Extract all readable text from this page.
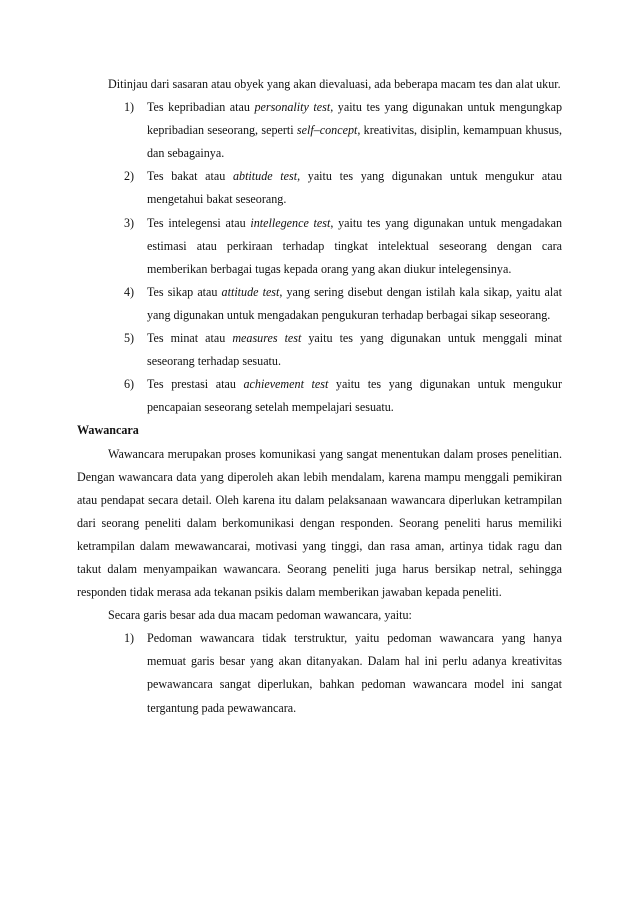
Ditinjau dari sasaran atau obyek yang akan dievaluasi, ada beberapa macam tes dan alat ukur.

1) Tes kepribadian atau personality test, yaitu tes yang digunakan untuk mengungkap kepribadian seseorang, seperti self–concept, kreativitas, disiplin, kemampuan khusus, dan sebagainya.
2) Tes bakat atau abtitude test, yaitu tes yang digunakan untuk mengukur atau mengetahui bakat seseorang.
3) Tes intelegensi atau intellegence test, yaitu tes yang digunakan untuk mengadakan estimasi atau perkiraan terhadap tingkat intelektual seseorang dengan cara memberikan berbagai tugas kepada orang yang akan diukur intelegensinya.
4) Tes sikap atau attitude test, yang sering disebut dengan istilah kala sikap, yaitu alat yang digunakan untuk mengadakan pengukuran terhadap berbagai sikap seseorang.
5) Tes minat atau measures test yaitu tes yang digunakan untuk menggali minat seseorang terhadap sesuatu.
6) Tes prestasi atau achievement test yaitu tes yang digunakan untuk mengukur pencapaian seseorang setelah mempelajari sesuatu.

Wawancara

Wawancara merupakan proses komunikasi yang sangat menentukan dalam proses penelitian. Dengan wawancara data yang diperoleh akan lebih mendalam, karena mampu menggali pemikiran atau pendapat secara detail. Oleh karena itu dalam pelaksanaan wawancara diperlukan ketrampilan dari seorang peneliti dalam berkomunikasi dengan responden. Seorang peneliti harus memiliki ketrampilan dalam mewawancarai, motivasi yang tinggi, dan rasa aman, artinya tidak ragu dan takut dalam menyampaikan wawancara. Seorang peneliti juga harus bersikap netral, sehingga responden tidak merasa ada tekanan psikis dalam memberikan jawaban kepada peneliti.

Secara garis besar ada dua macam pedoman wawancara, yaitu:

1) Pedoman wawancara tidak terstruktur, yaitu pedoman wawancara yang hanya memuat garis besar yang akan ditanyakan. Dalam hal ini perlu adanya kreativitas pewawancara sangat diperlukan, bahkan pedoman wawancara model ini sangat tergantung pada pewawancara.
